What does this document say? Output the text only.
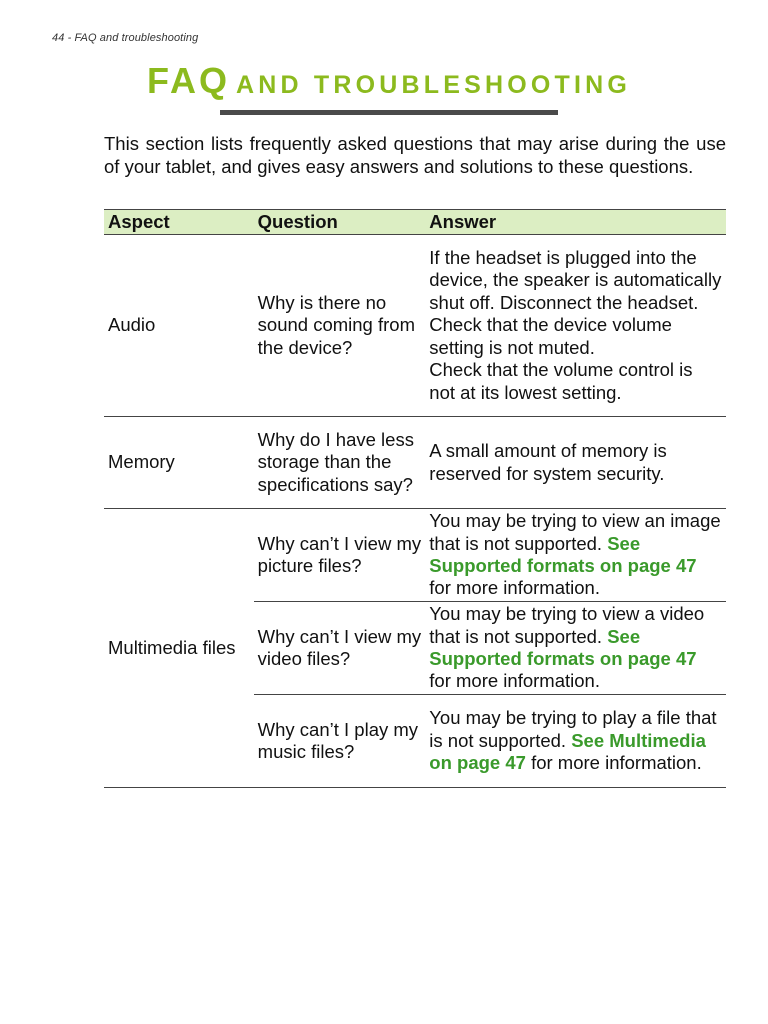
44 - FAQ and troubleshooting
FAQ AND TROUBLESHOOTING

This section lists frequently asked questions that may arise during the use of your tablet, and gives easy answers and solutions to these questions.

Aspect	Question	Answer
Audio	Why is there no sound coming from the device?	If the headset is plugged into the device, the speaker is automatically shut off. Disconnect the headset.
Check that the device volume setting is not muted.
Check that the volume control is not at its lowest setting.

Memory	Why do I have less storage than the specifications say?	A small amount of memory is reserved for system security.
Multimedia files	Why can’t I view my picture files?	You may be trying to view an image that is not supported. See Supported formats on page 47 for more information.
	Why can’t I view my video files?	You may be trying to view a video that is not supported. See Supported formats on page 47 for more information.
	Why can’t I play my music files?	You may be trying to play a file that is not supported. See Multimedia on page 47 for more information.
